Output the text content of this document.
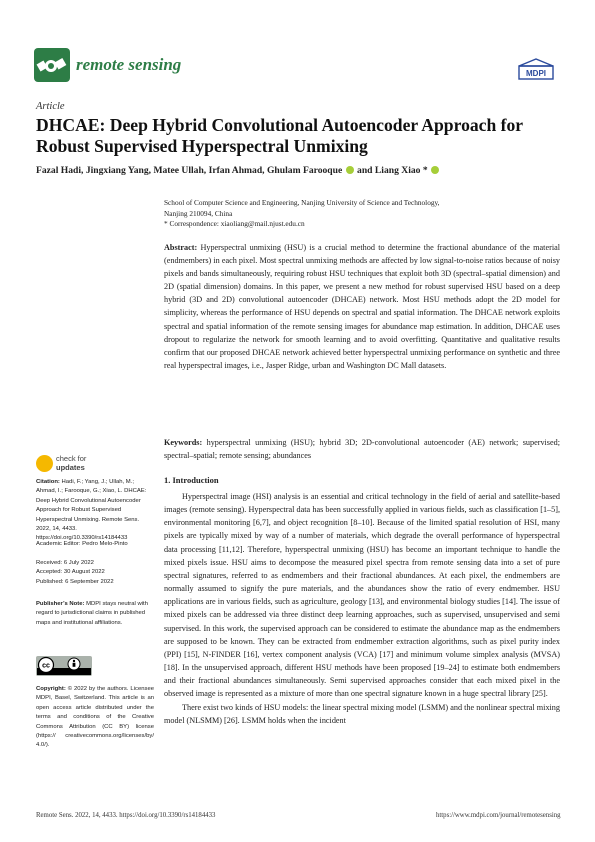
remote sensing	MDPI
Article
DHCAE: Deep Hybrid Convolutional Autoencoder Approach for Robust Supervised Hyperspectral Unmixing
Fazal Hadi, Jingxiang Yang, Matee Ullah, Irfan Ahmad, Ghulam Farooque  and Liang Xiao *
School of Computer Science and Engineering, Nanjing University of Science and Technology,
Nanjing 210094, China
* Correspondence: xiaoliang@mail.njust.edu.cn
Abstract: Hyperspectral unmixing (HSU) is a crucial method to determine the fractional abundance of the material (endmembers) in each pixel. Most spectral unmixing methods are affected by low signal-to-noise ratios because of noisy pixels and bands simultaneously, requiring robust HSU techniques that exploit both 3D (spectral–spatial dimension) and 2D (spatial dimension) domains. In this paper, we present a new method for robust supervised HSU based on a deep hybrid (3D and 2D) convolutional autoencoder (DHCAE) network. Most HSU methods adopt the 2D model for simplicity, whereas the performance of HSU depends on spectral and spatial information. The DHCAE network exploits spectral and spatial information of the remote sensing images for abundance map estimation. In addition, DHCAE uses dropout to regularize the network for smooth learning and to avoid overfitting. Quantitative and qualitative results confirm that our proposed DHCAE network achieved better hyperspectral unmixing performance on synthetic and three real hyperspectral images, i.e., Jasper Ridge, urban and Washington DC Mall datasets.
Keywords: hyperspectral unmixing (HSU); hybrid 3D; 2D-convolutional autoencoder (AE) network; supervised; spectral–spatial; remote sensing; abundances
check for
updates
Citation: Hadi, F.; Yang, J.; Ullah, M.; Ahmad, I.; Farooque, G.; Xiao, L. DHCAE: Deep Hybrid Convolutional Autoencoder Approach for Robust Supervised Hyperspectral Unmixing. Remote Sens. 2022, 14, 4433. https://doi.org/10.3390/rs14184433
Academic Editor: Pedro Melo-Pinto
Received: 6 July 2022
Accepted: 30 August 2022
Published: 6 September 2022
Publisher’s Note: MDPI stays neutral with regard to jurisdictional claims in published maps and institutional affiliations.
cc
Copyright: © 2022 by the authors. Licensee MDPI, Basel, Switzerland. This article is an open access article distributed under the terms and conditions of the Creative Commons Attribution (CC BY) license (https:// creativecommons.org/licenses/by/ 4.0/).
1. Introduction

Hyperspectral image (HSI) analysis is an essential and critical technology in the field of aerial and satellite-based images (remote sensing). Hyperspectral data has been successfully applied in various fields, such as classification [1–5], environmental monitoring [6,7], and object recognition [8–10]. Because of the limited spatial resolution of HSI, many pixels are typically mixed by way of a number of materials, which degrade the overall performance of hyperspectral data processing [11,12]. Therefore, hyperspectral unmixing (HSU) has become an important technique to handle the mixed pixels issue. HSU aims to decompose the measured pixel spectra from remote sensing data into a set of pure spectral signatures, referred to as endmembers and their fractional abundances. At each pixel, the endmembers are normally assumed to signify the pure materials, and the abundances show the ratio of every endmember. HSU applications are in various fields, such as agriculture, geology [13], and environmental biology studies [14]. The issue of mixed pixels can be addressed via three distinct deep learning approaches, such as supervised, unsupervised and semi supervised. In this work, the supervised approach can be considered to estimate the abundance map as the endmembers are supposed to be known. They can be extracted from endmember extraction algorithms, such as pixel purity index (PPI) [15], N-FINDER [16], vertex component analysis (VCA) [17] and minimum volume simplex analysis (MVSA) [18]. In the unsupervised approach, different HSU methods have been proposed [19–24] to estimate both endmembers and their fractional abundances simultaneously. Semi supervised approaches consider that each mixed pixel in the observed image is represented as a mixture of more than one spectral signature known in a huge spectral library [25].

There exist two kinds of HSU models: the linear spectral mixing model (LSMM) and the nonlinear spectral mixing model (NLSMM) [26]. LSMM holds when the incident

Remote Sens. 2022, 14, 4433. https://doi.org/10.3390/rs14184433	https://www.mdpi.com/journal/remotesensing
